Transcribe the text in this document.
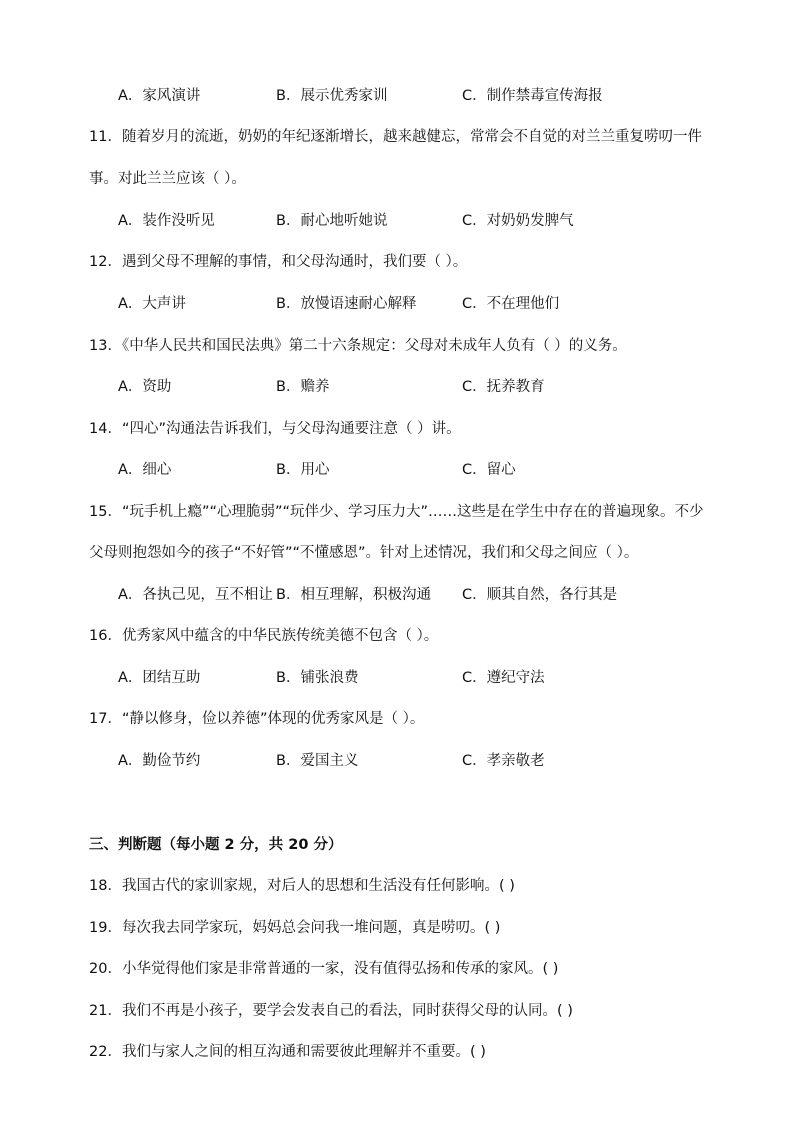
A．家风演讲	B．展示优秀家训	C．制作禁毒宣传海报
11．随着岁月的流逝，奶奶的年纪逐渐增长，越来越健忘，常常会不自觉的对兰兰重复唠叨一件
事。对此兰兰应该（ ）。
A．装作没听见	B．耐心地听她说	C．对奶奶发脾气
12．遇到父母不理解的事情，和父母沟通时，我们要（ ）。
A．大声讲	B．放慢语速耐心解释	C．不在理他们
13．《中华人民共和国民法典》第二十六条规定：父母对未成年人负有（ ）的义务。
A．资助	B．赡养	C．抚养教育
14．“四心”沟通法告诉我们，与父母沟通要注意（ ）讲。
A．细心	B．用心	C．留心
15．“玩手机上瘾”“心理脆弱”“玩伴少、学习压力大”……这些是在学生中存在的普遍现象。不少
父母则抱怨如今的孩子“不好管”“不懂感恩”。针对上述情况，我们和父母之间应（ ）。
A．各执己见，互不相让 B．相互理解，积极沟通 C．顺其自然，各行其是
16．优秀家风中蕴含的中华民族传统美德不包含（ ）。
A．团结互助	B．铺张浪费	C．遵纪守法
17．“静以修身，俭以养德”体现的优秀家风是（ ）。
A．勤俭节约	B．爱国主义	C．孝亲敬老
三、判断题（每小题 2 分，共 20 分）
18．我国古代的家训家规，对后人的思想和生活没有任何影响。( )
19．每次我去同学家玩，妈妈总会问我一堆问题，真是唠叨。( )
20．小华觉得他们家是非常普通的一家，没有值得弘扬和传承的家风。( )
21．我们不再是小孩子，要学会发表自己的看法，同时获得父母的认同。( )
22．我们与家人之间的相互沟通和需要彼此理解并不重要。( )
